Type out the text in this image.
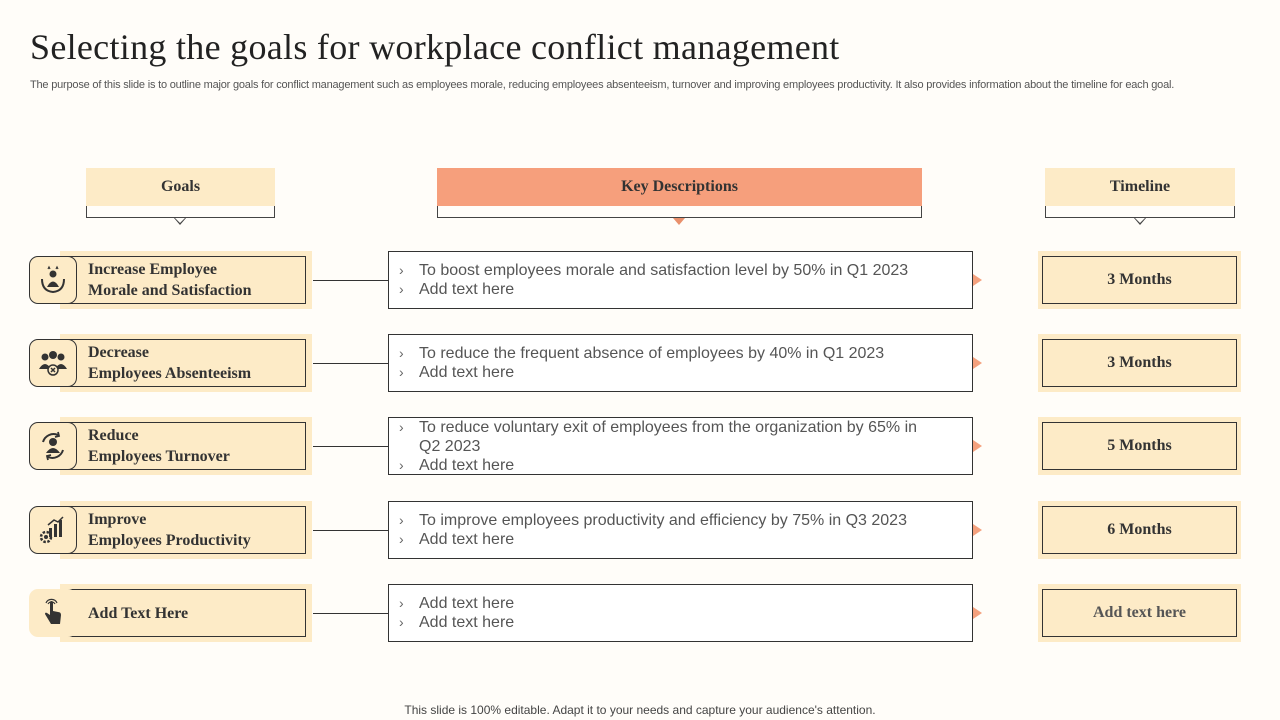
Selecting the goals for workplace conflict management

The purpose of this slide is to outline major goals for conflict management such as employees morale, reducing employees absenteeism, turnover and improving employees productivity. It also provides information about the timeline for each goal.

Goals	Key Descriptions	Timeline
Increase Employee
Morale and Satisfaction
› To boost employees morale and satisfaction level by 50% in Q1 2023
› Add text here
3 Months
Decrease
Employees Absenteeism
› To reduce the frequent absence of employees by 40% in Q1 2023
› Add text here
3 Months
Reduce
Employees Turnover
› To reduce voluntary exit of employees from the organization by 65% in Q2 2023
› Add text here
5 Months
Improve
Employees Productivity
› To improve employees productivity and efficiency by 75% in Q3 2023
› Add text here
6 Months
Add Text Here
› Add text here
› Add text here
Add text here
This slide is 100% editable. Adapt it to your needs and capture your audience's attention.
